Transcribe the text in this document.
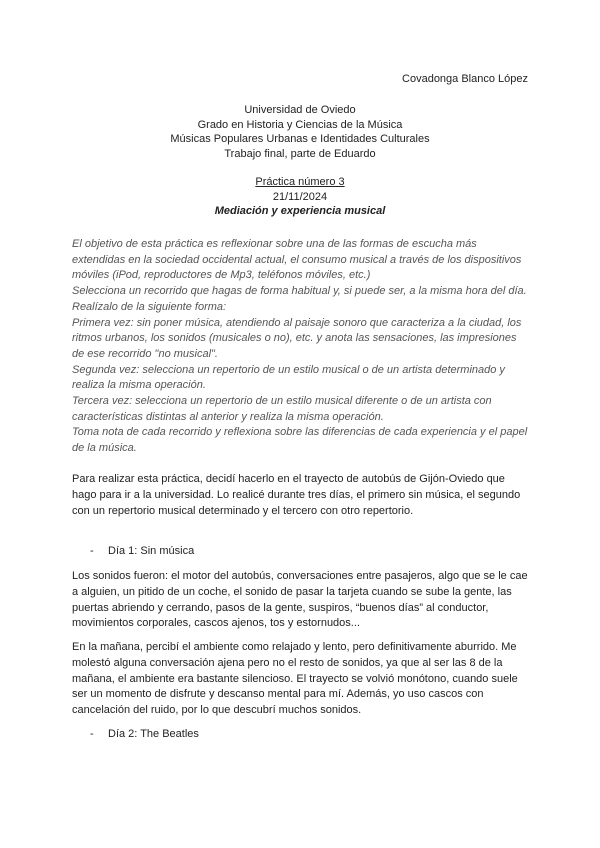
Covadonga Blanco López
Universidad de Oviedo
Grado en Historia y Ciencias de la Música
Músicas Populares Urbanas e Identidades Culturales
Trabajo final, parte de Eduardo
Práctica número 3
21/11/2024
Mediación y experiencia musical
El objetivo de esta práctica es reflexionar sobre una de las formas de escucha más extendidas en la sociedad occidental actual, el consumo musical a través de los dispositivos móviles (iPod, reproductores de Mp3, teléfonos móviles, etc.)
Selecciona un recorrido que hagas de forma habitual y, si puede ser, a la misma hora del día. Realízalo de la siguiente forma:
Primera vez: sin poner música, atendiendo al paisaje sonoro que caracteriza a la ciudad, los ritmos urbanos, los sonidos (musicales o no), etc. y anota las sensaciones, las impresiones de ese recorrido "no musical".
Segunda vez: selecciona un repertorio de un estilo musical o de un artista determinado y realiza la misma operación.
Tercera vez: selecciona un repertorio de un estilo musical diferente o de un artista con características distintas al anterior y realiza la misma operación.
Toma nota de cada recorrido y reflexiona sobre las diferencias de cada experiencia y el papel de la música.

Para realizar esta práctica, decidí hacerlo en el trayecto de autobús de Gijón-Oviedo que hago para ir a la universidad. Lo realicé durante tres días, el primero sin música, el segundo con un repertorio musical determinado y el tercero con otro repertorio.

- Día 1: Sin música

Los sonidos fueron: el motor del autobús, conversaciones entre pasajeros, algo que se le cae a alguien, un pitido de un coche, el sonido de pasar la tarjeta cuando se sube la gente, las puertas abriendo y cerrando, pasos de la gente, suspiros, “buenos días” al conductor, movimientos corporales, cascos ajenos, tos y estornudos...

En la mañana, percibí el ambiente como relajado y lento, pero definitivamente aburrido. Me molestó alguna conversación ajena pero no el resto de sonidos, ya que al ser las 8 de la mañana, el ambiente era bastante silencioso. El trayecto se volvió monótono, cuando suele ser un momento de disfrute y descanso mental para mí. Además, yo uso cascos con cancelación del ruido, por lo que descubrí muchos sonidos.

- Día 2: The Beatles
